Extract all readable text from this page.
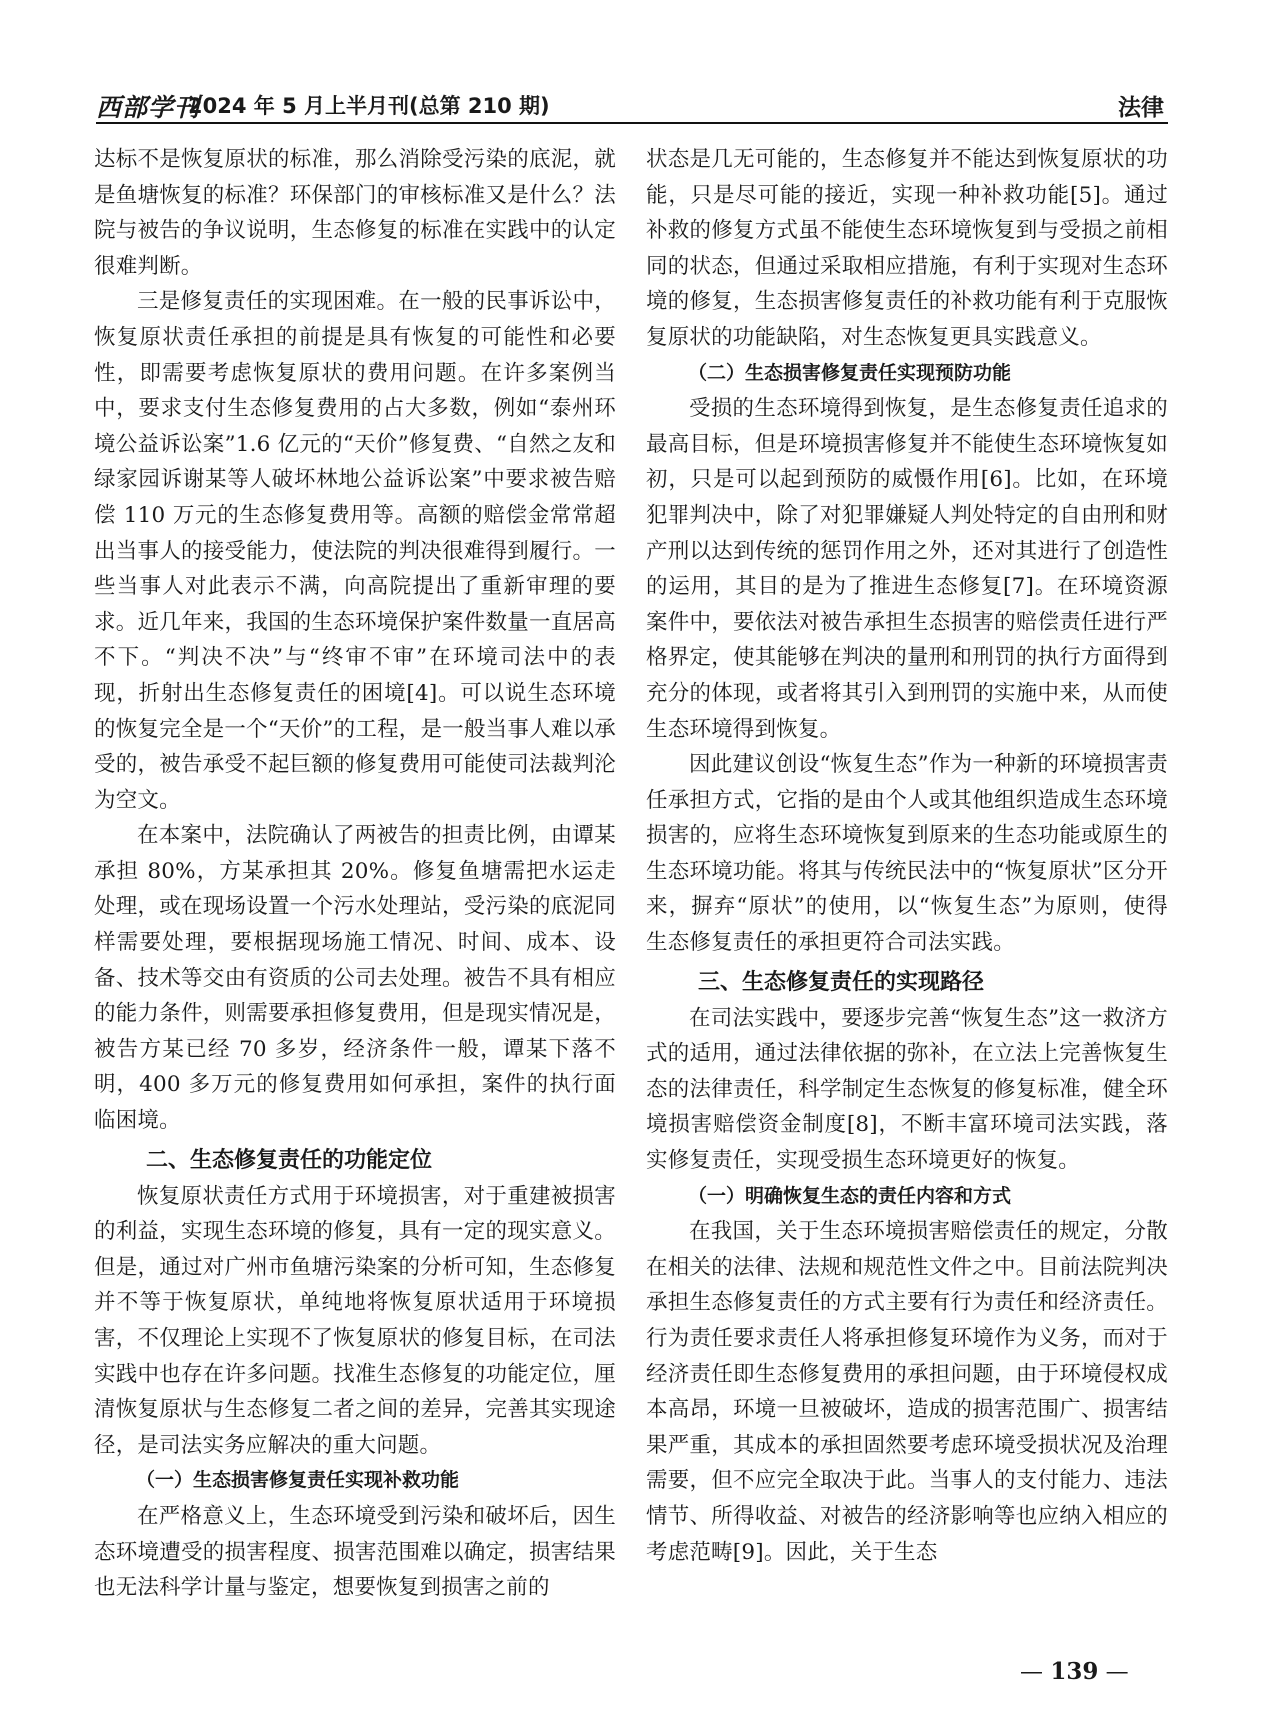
西部学刊
2024 年 5 月上半月刊(总第 210 期)	法律

达标不是恢复原状的标准，那么消除受污染的底泥，就是鱼塘恢复的标准？环保部门的审核标准又是什么？法院与被告的争议说明，生态修复的标准在实践中的认定很难判断。

三是修复责任的实现困难。在一般的民事诉讼中，恢复原状责任承担的前提是具有恢复的可能性和必要性，即需要考虑恢复原状的费用问题。在许多案例当中，要求支付生态修复费用的占大多数，例如“泰州环境公益诉讼案”1.6 亿元的“天价”修复费、“自然之友和绿家园诉谢某等人破坏林地公益诉讼案”中要求被告赔偿 110 万元的生态修复费用等。高额的赔偿金常常超出当事人的接受能力，使法院的判决很难得到履行。一些当事人对此表示不满，向高院提出了重新审理的要求。近几年来，我国的生态环境保护案件数量一直居高不下。“判决不决”与“终审不审”在环境司法中的表现，折射出生态修复责任的困境[4]。可以说生态环境的恢复完全是一个“天价”的工程，是一般当事人难以承受的，被告承受不起巨额的修复费用可能使司法裁判沦为空文。

在本案中，法院确认了两被告的担责比例，由谭某承担 80%，方某承担其 20%。修复鱼塘需把水运走处理，或在现场设置一个污水处理站，受污染的底泥同样需要处理，要根据现场施工情况、时间、成本、设备、技术等交由有资质的公司去处理。被告不具有相应的能力条件，则需要承担修复费用，但是现实情况是，被告方某已经 70 多岁，经济条件一般，谭某下落不明，400 多万元的修复费用如何承担，案件的执行面临困境。

二、生态修复责任的功能定位

恢复原状责任方式用于环境损害，对于重建被损害的利益，实现生态环境的修复，具有一定的现实意义。但是，通过对广州市鱼塘污染案的分析可知，生态修复并不等于恢复原状，单纯地将恢复原状适用于环境损害，不仅理论上实现不了恢复原状的修复目标，在司法实践中也存在许多问题。找准生态修复的功能定位，厘清恢复原状与生态修复二者之间的差异，完善其实现途径，是司法实务应解决的重大问题。

（一）生态损害修复责任实现补救功能

在严格意义上，生态环境受到污染和破坏后，因生态环境遭受的损害程度、损害范围难以确定，损害结果也无法科学计量与鉴定，想要恢复到损害之前的

状态是几无可能的，生态修复并不能达到恢复原状的功能，只是尽可能的接近，实现一种补救功能[5]。通过补救的修复方式虽不能使生态环境恢复到与受损之前相同的状态，但通过采取相应措施，有利于实现对生态环境的修复，生态损害修复责任的补救功能有利于克服恢复原状的功能缺陷，对生态恢复更具实践意义。

（二）生态损害修复责任实现预防功能

受损的生态环境得到恢复，是生态修复责任追求的最高目标，但是环境损害修复并不能使生态环境恢复如初，只是可以起到预防的威慑作用[6]。比如，在环境犯罪判决中，除了对犯罪嫌疑人判处特定的自由刑和财产刑以达到传统的惩罚作用之外，还对其进行了创造性的运用，其目的是为了推进生态修复[7]。在环境资源案件中，要依法对被告承担生态损害的赔偿责任进行严格界定，使其能够在判决的量刑和刑罚的执行方面得到充分的体现，或者将其引入到刑罚的实施中来，从而使生态环境得到恢复。

因此建议创设“恢复生态”作为一种新的环境损害责任承担方式，它指的是由个人或其他组织造成生态环境损害的，应将生态环境恢复到原来的生态功能或原生的生态环境功能。将其与传统民法中的“恢复原状”区分开来，摒弃“原状”的使用，以“恢复生态”为原则，使得生态修复责任的承担更符合司法实践。

三、生态修复责任的实现路径

在司法实践中，要逐步完善“恢复生态”这一救济方式的适用，通过法律依据的弥补，在立法上完善恢复生态的法律责任，科学制定生态恢复的修复标准，健全环境损害赔偿资金制度[8]，不断丰富环境司法实践，落实修复责任，实现受损生态环境更好的恢复。

（一）明确恢复生态的责任内容和方式

在我国，关于生态环境损害赔偿责任的规定，分散在相关的法律、法规和规范性文件之中。目前法院判决承担生态修复责任的方式主要有行为责任和经济责任。行为责任要求责任人将承担修复环境作为义务，而对于经济责任即生态修复费用的承担问题，由于环境侵权成本高昂，环境一旦被破坏，造成的损害范围广、损害结果严重，其成本的承担固然要考虑环境受损状况及治理需要，但不应完全取决于此。当事人的支付能力、违法情节、所得收益、对被告的经济影响等也应纳入相应的考虑范畴[9]。因此，关于生态

— 139 —
